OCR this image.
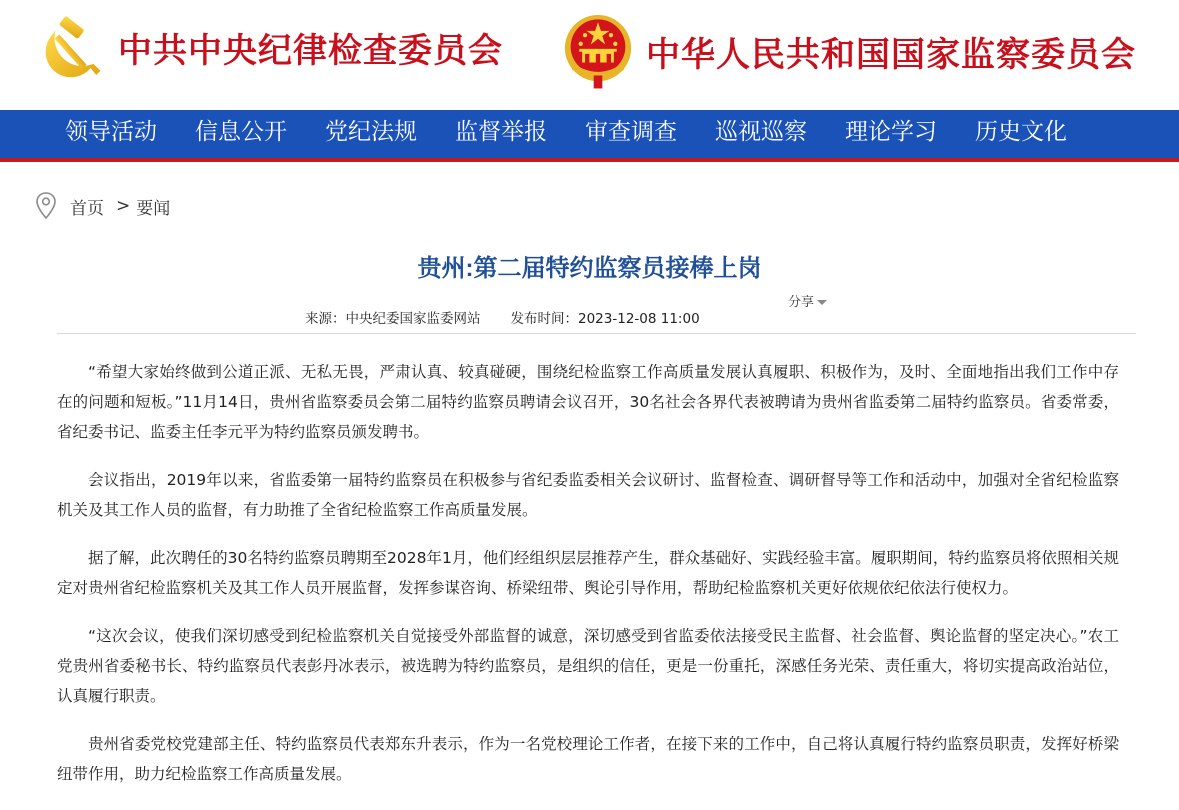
中共中央纪律检查委员会	中华人民共和国国家监察委员会
领导活动 信息公开 党纪法规 监督举报 审查调查 巡视巡察 理论学习 历史文化
首页 > 要闻
贵州:第二届特约监察员接棒上岗
分享
来源：中央纪委国家监委网站 发布时间：2023-12-08 11:00

“希望大家始终做到公道正派、无私无畏，严肃认真、较真碰硬，围绕纪检监察工作高质量发展认真履职、积极作为，及时、全面地指出我们工作中存在的问题和短板。”11月14日，贵州省监察委员会第二届特约监察员聘请会议召开，30名社会各界代表被聘请为贵州省监委第二届特约监察员。省委常委，省纪委书记、监委主任李元平为特约监察员颁发聘书。

会议指出，2019年以来，省监委第一届特约监察员在积极参与省纪委监委相关会议研讨、监督检查、调研督导等工作和活动中，加强对全省纪检监察机关及其工作人员的监督，有力助推了全省纪检监察工作高质量发展。

据了解，此次聘任的30名特约监察员聘期至2028年1月，他们经组织层层推荐产生，群众基础好、实践经验丰富。履职期间，特约监察员将依照相关规定对贵州省纪检监察机关及其工作人员开展监督，发挥参谋咨询、桥梁纽带、舆论引导作用，帮助纪检监察机关更好依规依纪依法行使权力。

“这次会议，使我们深切感受到纪检监察机关自觉接受外部监督的诚意，深切感受到省监委依法接受民主监督、社会监督、舆论监督的坚定决心。”农工党贵州省委秘书长、特约监察员代表彭丹冰表示，被选聘为特约监察员，是组织的信任，更是一份重托，深感任务光荣、责任重大，将切实提高政治站位，认真履行职责。

贵州省委党校党建部主任、特约监察员代表郑东升表示，作为一名党校理论工作者，在接下来的工作中，自己将认真履行特约监察员职责，发挥好桥梁纽带作用，助力纪检监察工作高质量发展。
